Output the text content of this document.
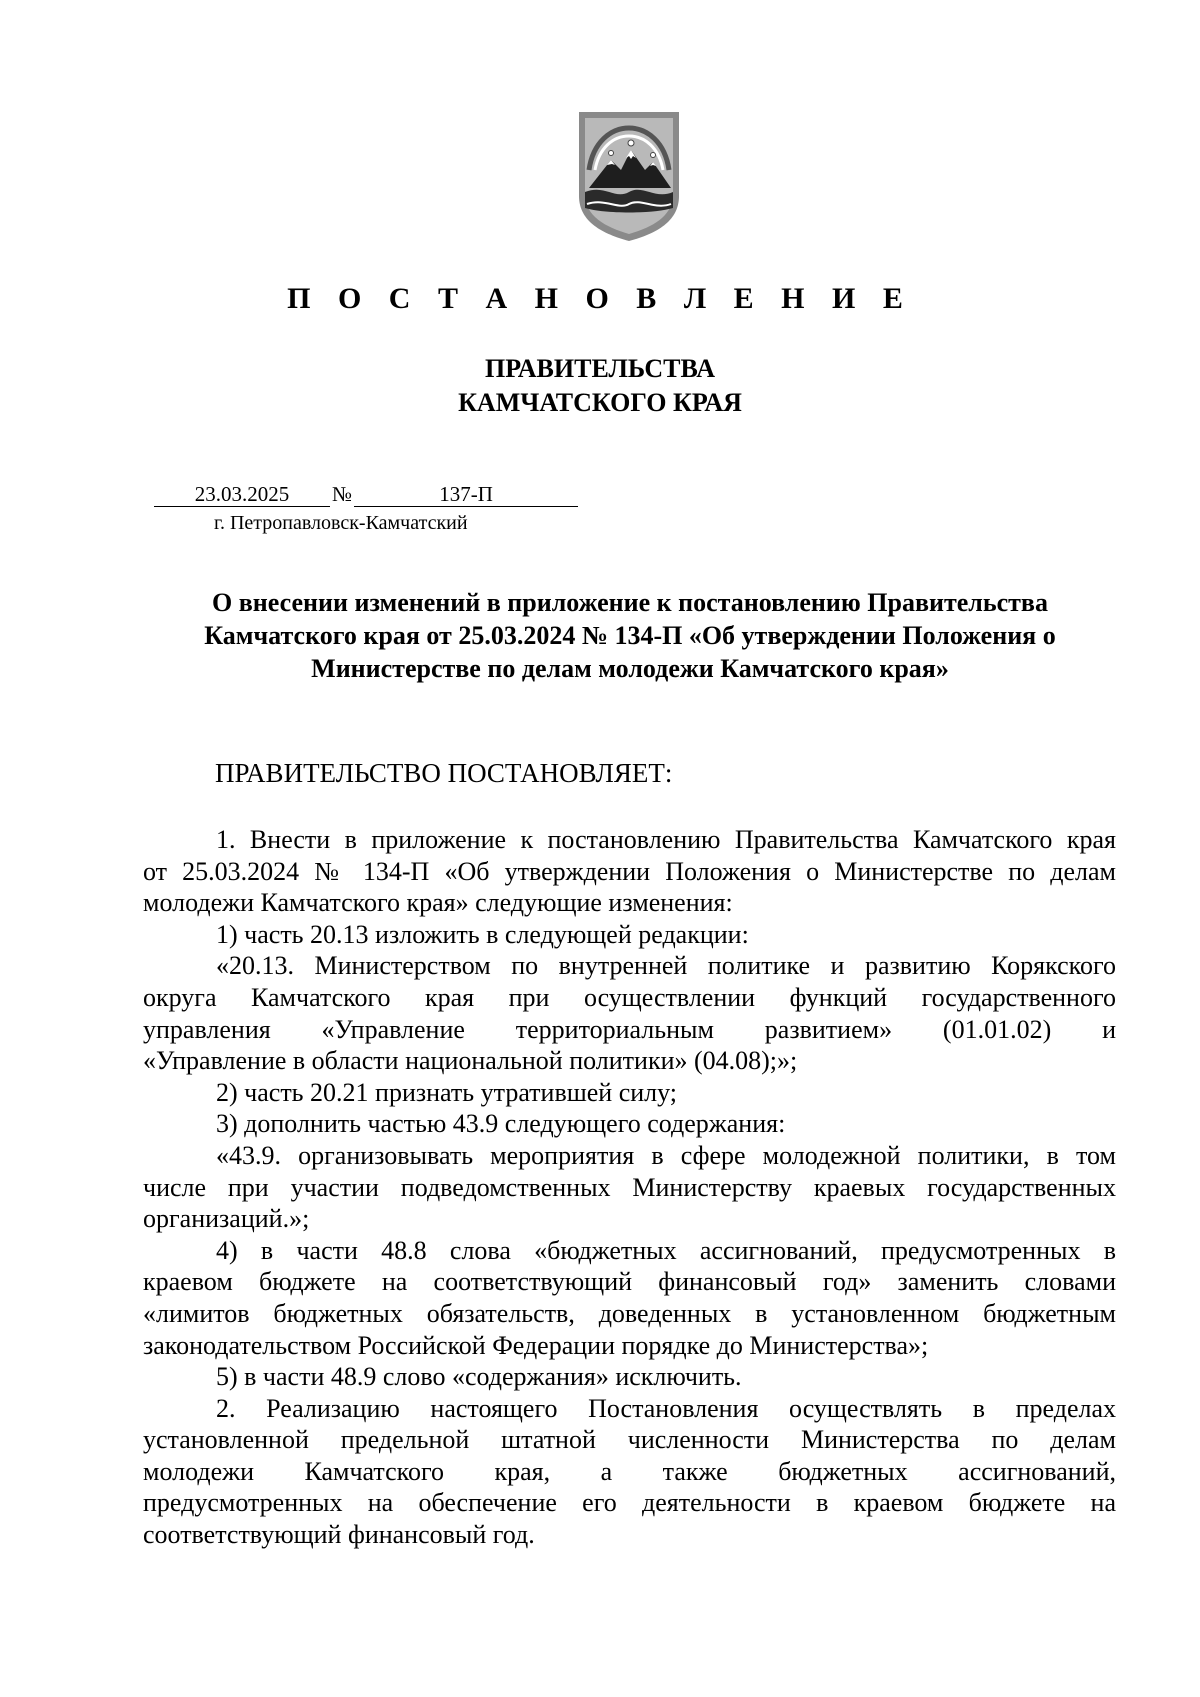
П О С Т А Н О В Л Е Н И Е
ПРАВИТЕЛЬСТВА
КАМЧАТСКОГО КРАЯ
23.03.2025 №	137-П
г. Петропавловск-Камчатский
О внесении изменений в приложение к постановлению Правительства
Камчатского края от 25.03.2024 № 134-П «Об утверждении Положения о
Министерстве по делам молодежи Камчатского края»
ПРАВИТЕЛЬСТВО ПОСТАНОВЛЯЕТ:
1. Внести в приложение к постановлению Правительства Камчатского края
от 25.03.2024 № 134-П «Об утверждении Положения о Министерстве по делам
молодежи Камчатского края» следующие изменения:
1) часть 20.13 изложить в следующей редакции:
«20.13. Министерством по внутренней политике и развитию Корякского
округа Камчатского края при осуществлении функций государственного
управления «Управление территориальным развитием» (01.01.02) и
«Управление в области национальной политики» (04.08);»;
2) часть 20.21 признать утратившей силу;
3) дополнить частью 43.9 следующего содержания:
«43.9. организовывать мероприятия в сфере молодежной политики, в том
числе при участии подведомственных Министерству краевых государственных
организаций.»;
4) в части 48.8 слова «бюджетных ассигнований, предусмотренных в
краевом бюджете на соответствующий финансовый год» заменить словами
«лимитов бюджетных обязательств, доведенных в установленном бюджетным
законодательством Российской Федерации порядке до Министерства»;
5) в части 48.9 слово «содержания» исключить.
2. Реализацию настоящего Постановления осуществлять в пределах
установленной предельной штатной численности Министерства по делам
молодежи Камчатского края, а также бюджетных ассигнований,
предусмотренных на обеспечение его деятельности в краевом бюджете на
соответствующий финансовый год.
